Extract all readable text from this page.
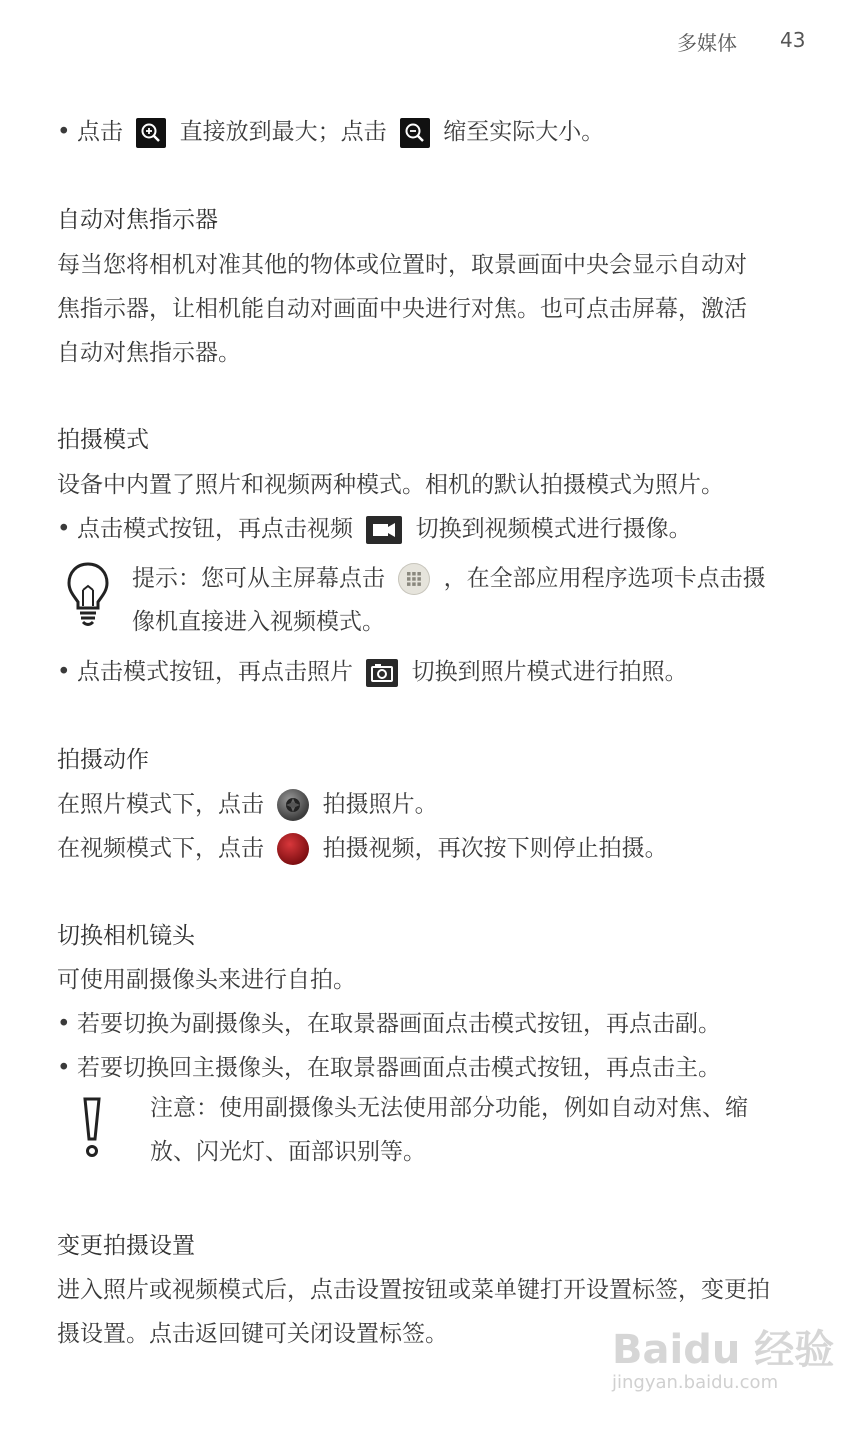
多媒体 43
• 点击 直接放到最大；点击 缩至实际大小。
自动对焦指示器
每当您将相机对准其他的物体或位置时，取景画面中央会显示自动对
焦指示器，让相机能自动对画面中央进行对焦。也可点击屏幕，激活
自动对焦指示器。
拍摄模式
设备中内置了照片和视频两种模式。相机的默认拍摄模式为照片。
• 点击模式按钮，再点击视频	切换到视频模式进行摄像。
提示：您可从主屏幕点击	，在全部应用程序选项卡点击摄
像机直接进入视频模式。
• 点击模式按钮，再点击照片	切换到照片模式进行拍照。
拍摄动作
在照片模式下，点击	拍摄照片。
在视频模式下，点击	拍摄视频，再次按下则停止拍摄。
切换相机镜头
可使用副摄像头来进行自拍。
• 若要切换为副摄像头，在取景器画面点击模式按钮，再点击副。
• 若要切换回主摄像头，在取景器画面点击模式按钮，再点击主。
注意：使用副摄像头无法使用部分功能，例如自动对焦、缩
放、闪光灯、面部识别等。
变更拍摄设置
进入照片或视频模式后，点击设置按钮或菜单键打开设置标签，变更拍
摄设置。点击返回键可关闭设置标签。	Baidu 经验
jingyan.baidu.com
